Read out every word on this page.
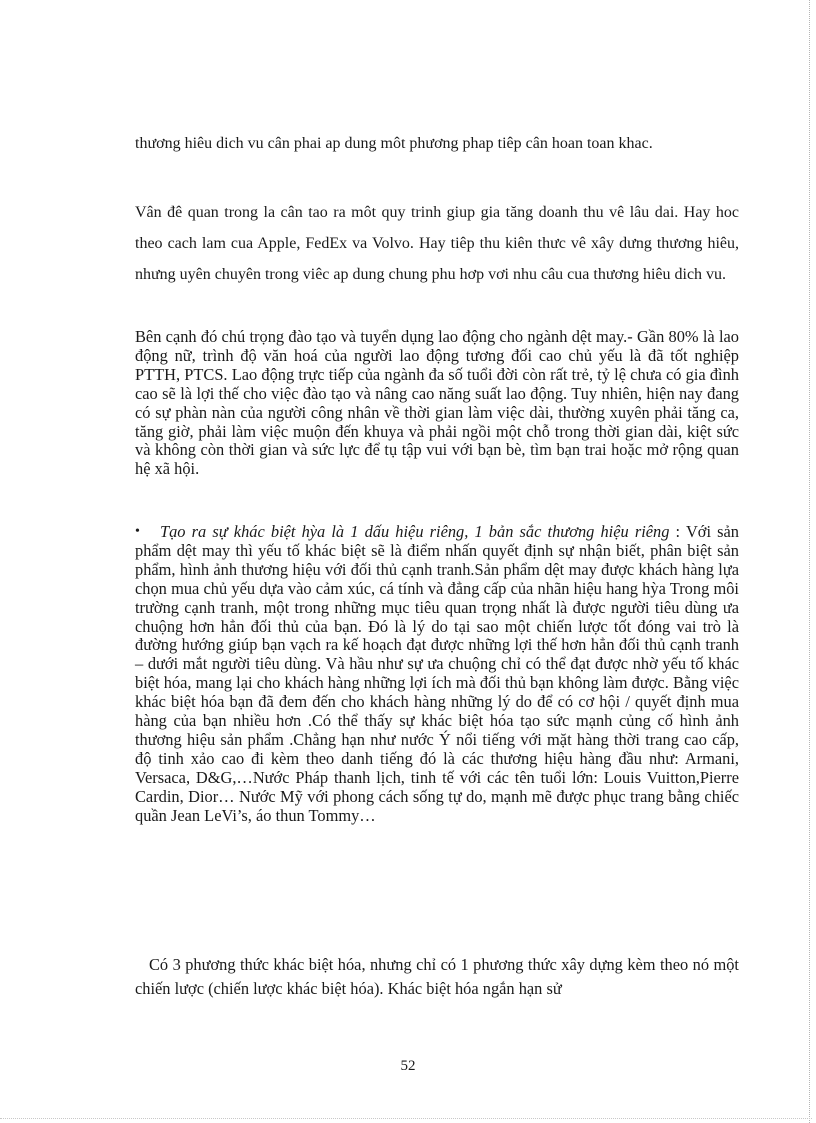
thương hiêu dich vu cân phai ap dung môt phương phap tiêp cân hoan toan khac.

Vân đê quan trong la cân tao ra môt quy trinh giup gia tăng doanh thu vê lâu dai. Hay hoc theo cach lam cua Apple, FedEx va Volvo. Hay tiêp thu kiên thưc vê xây dưng thương hiêu, nhưng uyên chuyên trong viêc ap dung chung phu hơp vơi nhu câu cua thương hiêu dich vu.

Bên cạnh đó chú trọng đào tạo và tuyển dụng lao động cho ngành dệt may.- Gần 80% là lao động nữ, trình độ văn hoá của người lao động tương đối cao chủ yếu là đã tốt nghiệp PTTH, PTCS. Lao động trực tiếp của ngành đa số tuổi đời còn rất trẻ, tỷ lệ chưa có gia đình cao sẽ là lợi thế cho việc đào tạo và nâng cao năng suất lao động. Tuy nhiên, hiện nay đang có sự phàn nàn của người công nhân về thời gian làm việc dài, thường xuyên phải tăng ca, tăng giờ, phải làm việc muộn đến khuya và phải ngồi một chỗ trong thời gian dài, kiệt sức và không còn thời gian và sức lực để tụ tập vui với bạn bè, tìm bạn trai hoặc mở rộng quan hệ xã hội.

•	Tạo ra sự khác biệt hỳa là 1 dấu hiệu riêng, 1 bản sắc thương hiệu riêng : Với sản phẩm dệt may thì yếu tố khác biệt sẽ là điểm nhấn quyết định sự nhận biết, phân biệt sản phẩm, hình ảnh thương hiệu với đối thủ cạnh tranh.Sản phẩm dệt may được khách hàng lựa chọn mua chủ yếu dựa vào cảm xúc, cá tính và đẳng cấp của nhãn hiệu hang hỳa Trong môi trường cạnh tranh, một trong những mục tiêu quan trọng nhất là được người tiêu dùng ưa chuộng hơn hẳn đối thủ của bạn. Đó là lý do tại sao một chiến lược tốt đóng vai trò là đường hướng giúp bạn vạch ra kế hoạch đạt được những lợi thế hơn hẳn đối thủ cạnh tranh – dưới mắt người tiêu dùng. Và hầu như sự ưa chuộng chỉ có thể đạt được nhờ yếu tố khác biệt hóa, mang lại cho khách hàng những lợi ích mà đối thủ bạn không làm được. Bằng việc khác biệt hóa bạn đã đem đến cho khách hàng những lý do để có cơ hội / quyết định mua hàng của bạn nhiều hơn .Có thể thấy sự khác biệt hóa tạo sức mạnh củng cố hình ảnh thương hiệu sản phẩm .Chẳng hạn như nước Ý nổi tiếng với mặt hàng thời trang cao cấp, độ tinh xảo cao đi kèm theo danh tiếng đó là các thương hiệu hàng đầu như: Armani, Versaca, D&G,…Nước Pháp thanh lịch, tinh tế với các tên tuổi lớn: Louis Vuitton,Pierre Cardin, Dior… Nước Mỹ với phong cách sống tự do, mạnh mẽ được phục trang bằng chiếc quần Jean LeVi’s, áo thun Tommy…

Có 3 phương thức khác biệt hóa, nhưng chỉ có 1 phương thức xây dựng kèm theo nó một chiến lược (chiến lược khác biệt hóa). Khác biệt hóa ngắn hạn sử

52
